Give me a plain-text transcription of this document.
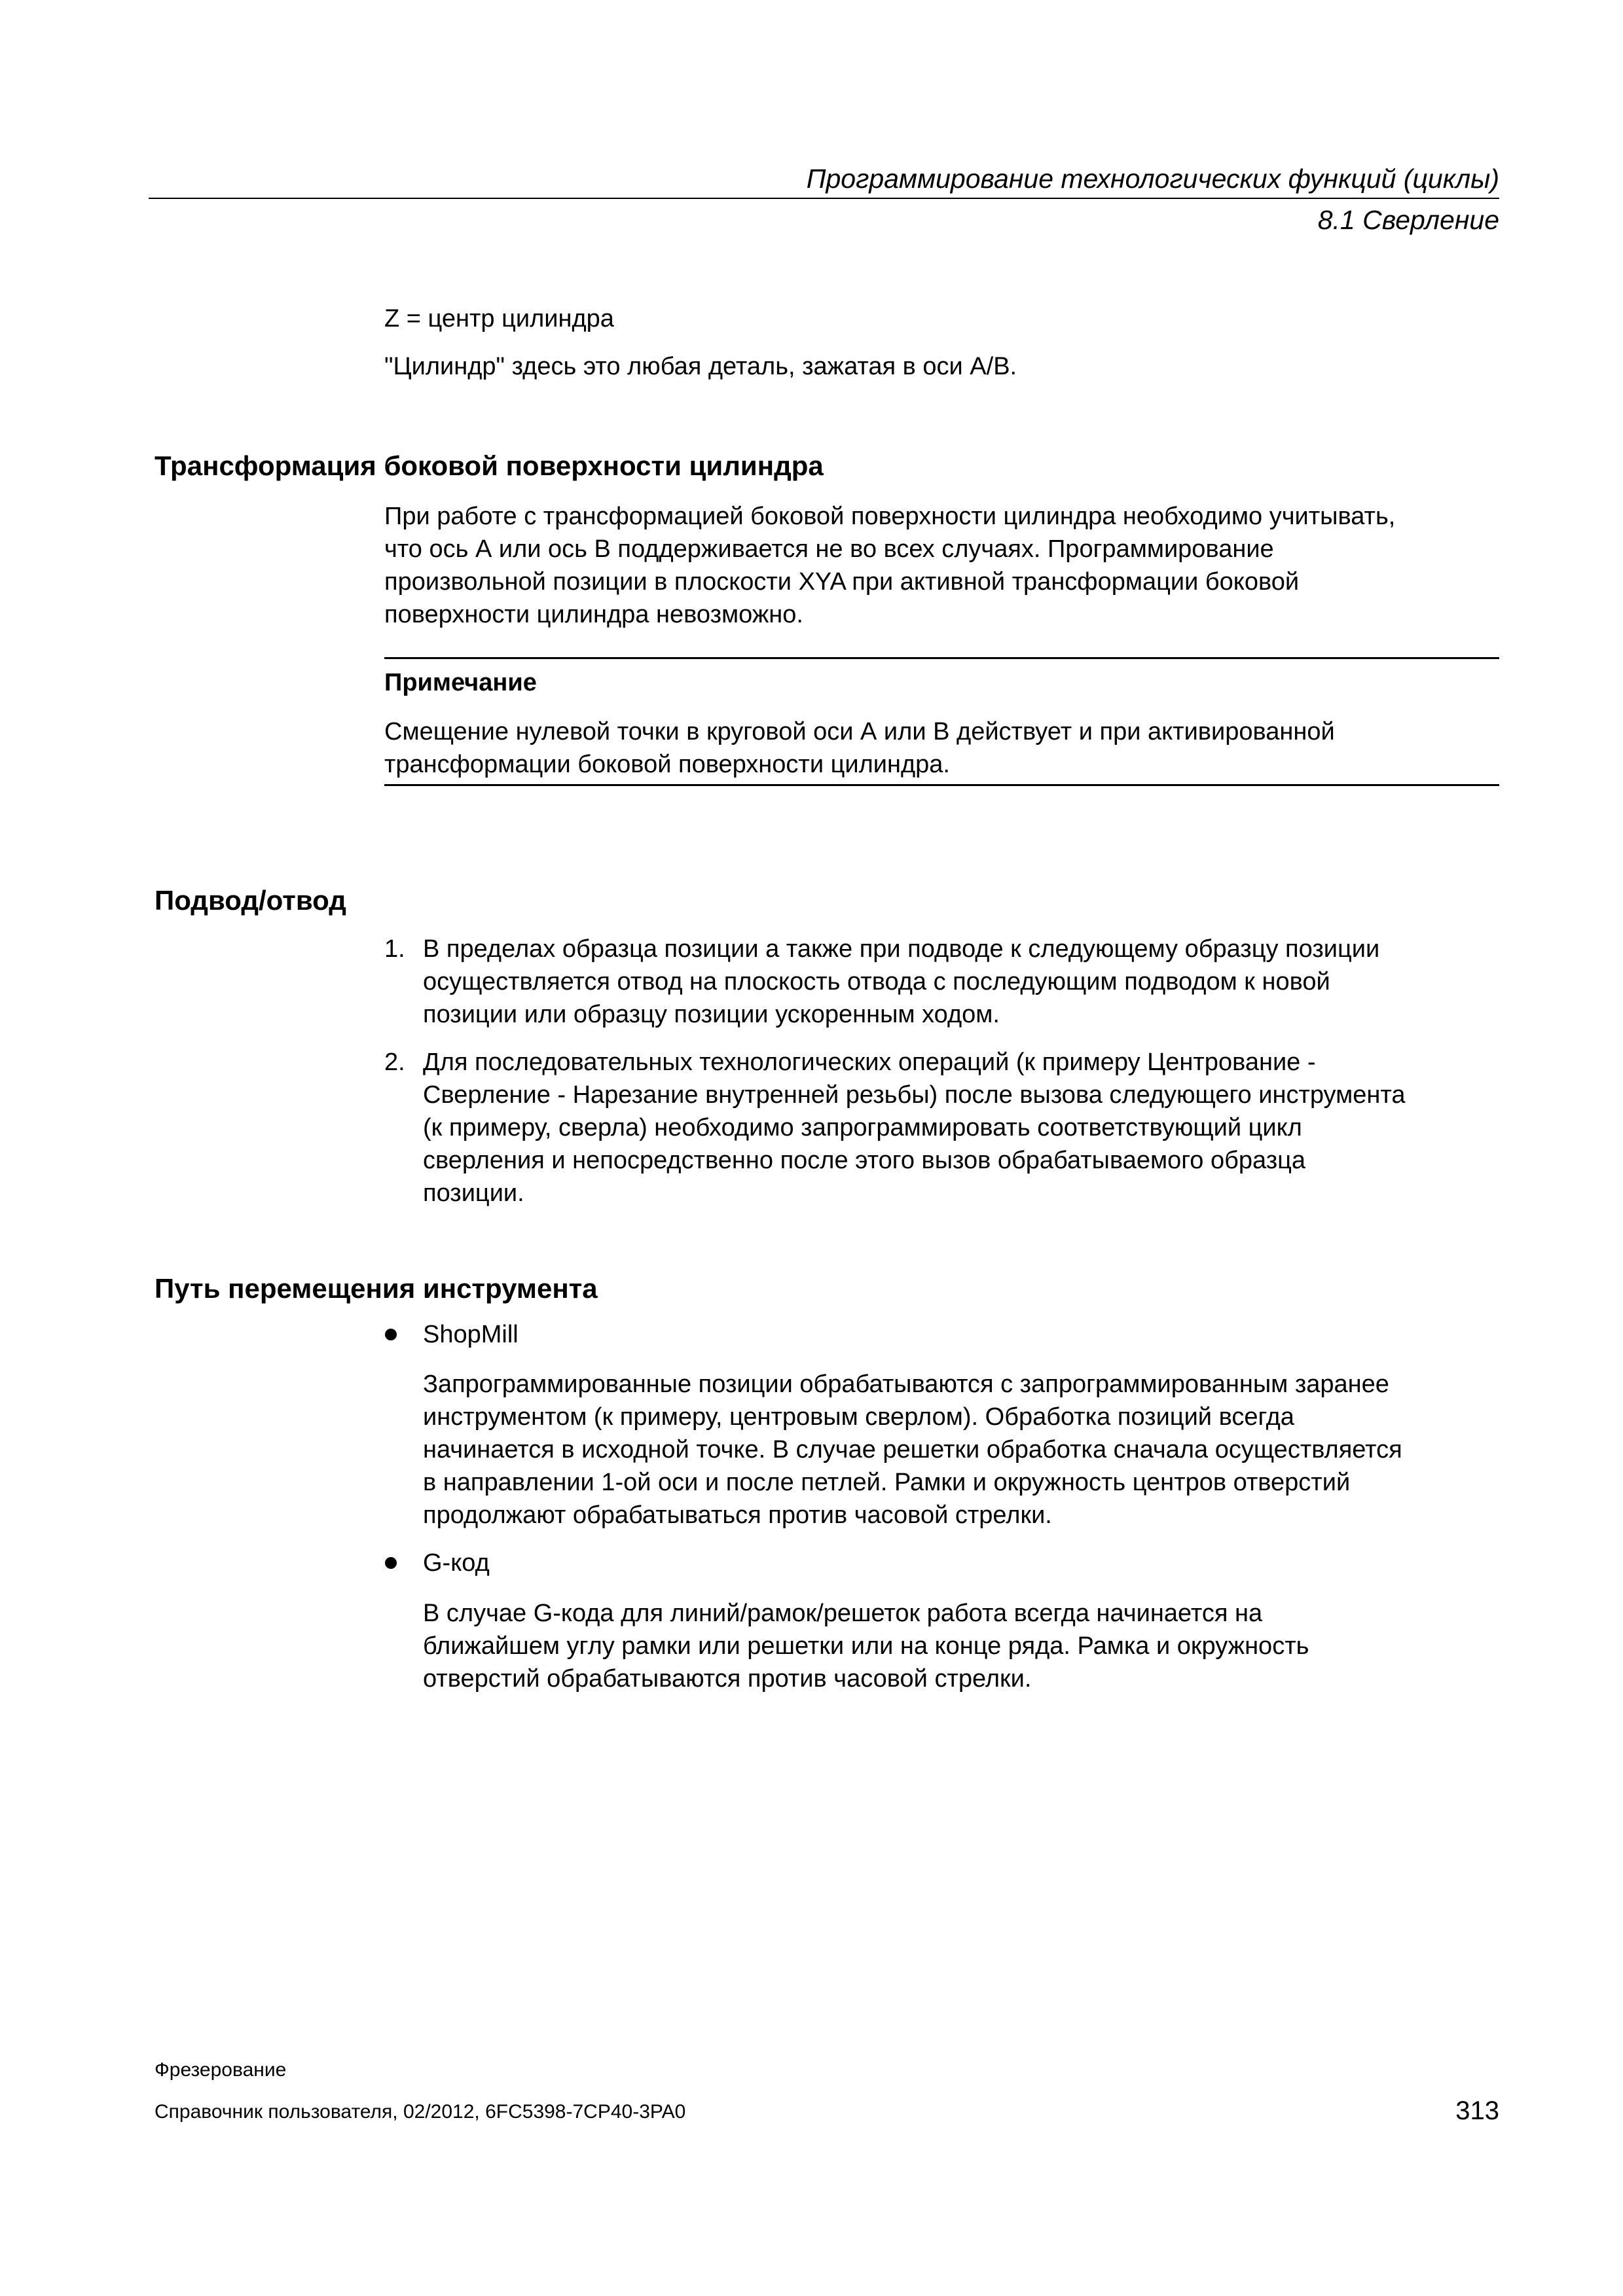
Программирование технологических функций (циклы)
8.1 Сверление
Z = центр цилиндра
"Цилиндр" здесь это любая деталь, зажатая в оси A/B.
Трансформация боковой поверхности цилиндра
При работе с трансформацией боковой поверхности цилиндра необходимо учитывать,
что ось А или ось В поддерживается не во всех случаях. Программирование
произвольной позиции в плоскости XYA при активной трансформации боковой
поверхности цилиндра невозможно.
Примечание
Смещение нулевой точки в круговой оси А или В действует и при активированной
трансформации боковой поверхности цилиндра.
Подвод/отвод
1. В пределах образца позиции а также при подводе к следующему образцу позиции
осуществляется отвод на плоскость отвода с последующим подводом к новой
позиции или образцу позиции ускоренным ходом.
2. Для последовательных технологических операций (к примеру Центрование -
Сверление - Нарезание внутренней резьбы) после вызова следующего инструмента
(к примеру, сверла) необходимо запрограммировать соответствующий цикл
сверления и непосредственно после этого вызов обрабатываемого образца
позиции.
Путь перемещения инструмента
ShopMill
Запрограммированные позиции обрабатываются с запрограммированным заранее
инструментом (к примеру, центровым сверлом). Обработка позиций всегда
начинается в исходной точке. В случае решетки обработка сначала осуществляется
в направлении 1-ой оси и после петлей. Рамки и окружность центров отверстий
продолжают обрабатываться против часовой стрелки.
G-код
В случае G-кода для линий/рамок/решеток работа всегда начинается на
ближайшем углу рамки или решетки или на конце ряда. Рамка и окружность
отверстий обрабатываются против часовой стрелки.
Фрезерование
Справочник пользователя, 02/2012, 6FC5398-7CP40-3PA0	313
